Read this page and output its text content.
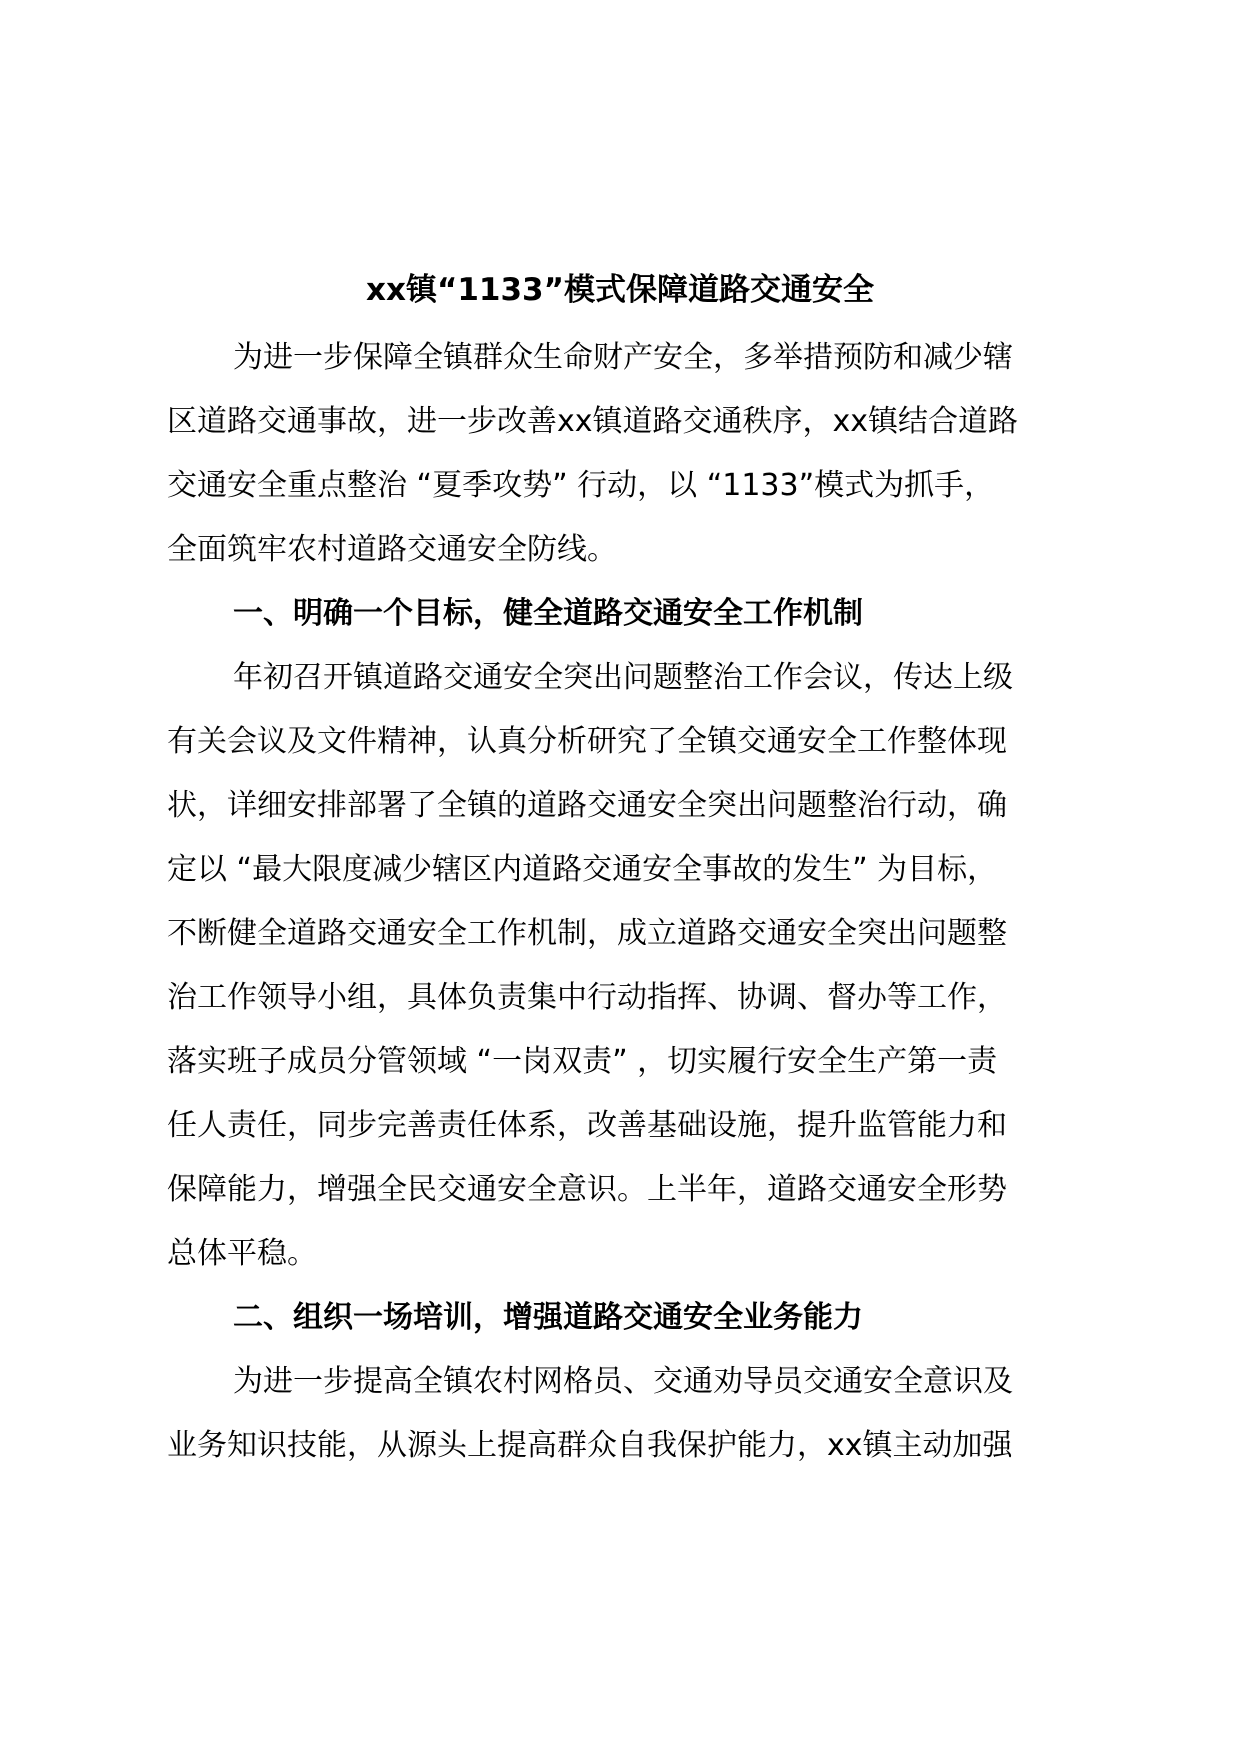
xx镇“1133”模式保障道路交通安全
为进一步保障全镇群众生命财产安全，多举措预防和减少辖
区道路交通事故，进一步改善xx镇道路交通秩序，xx镇结合道路
交通安全重点整治 “夏季攻势” 行动，以 “1133”模式为抓手，
全面筑牢农村道路交通安全防线。
一、明确一个目标，健全道路交通安全工作机制
年初召开镇道路交通安全突出问题整治工作会议，传达上级
有关会议及文件精神，认真分析研究了全镇交通安全工作整体现
状，详细安排部署了全镇的道路交通安全突出问题整治行动，确
定以 “最大限度减少辖区内道路交通安全事故的发生” 为目标，
不断健全道路交通安全工作机制，成立道路交通安全突出问题整
治工作领导小组，具体负责集中行动指挥、协调、督办等工作，
落实班子成员分管领域 “一岗双责” ，切实履行安全生产第一责
任人责任，同步完善责任体系，改善基础设施，提升监管能力和
保障能力，增强全民交通安全意识。上半年，道路交通安全形势
总体平稳。
二、组织一场培训，增强道路交通安全业务能力
为进一步提高全镇农村网格员、交通劝导员交通安全意识及
业务知识技能，从源头上提高群众自我保护能力，xx镇主动加强
